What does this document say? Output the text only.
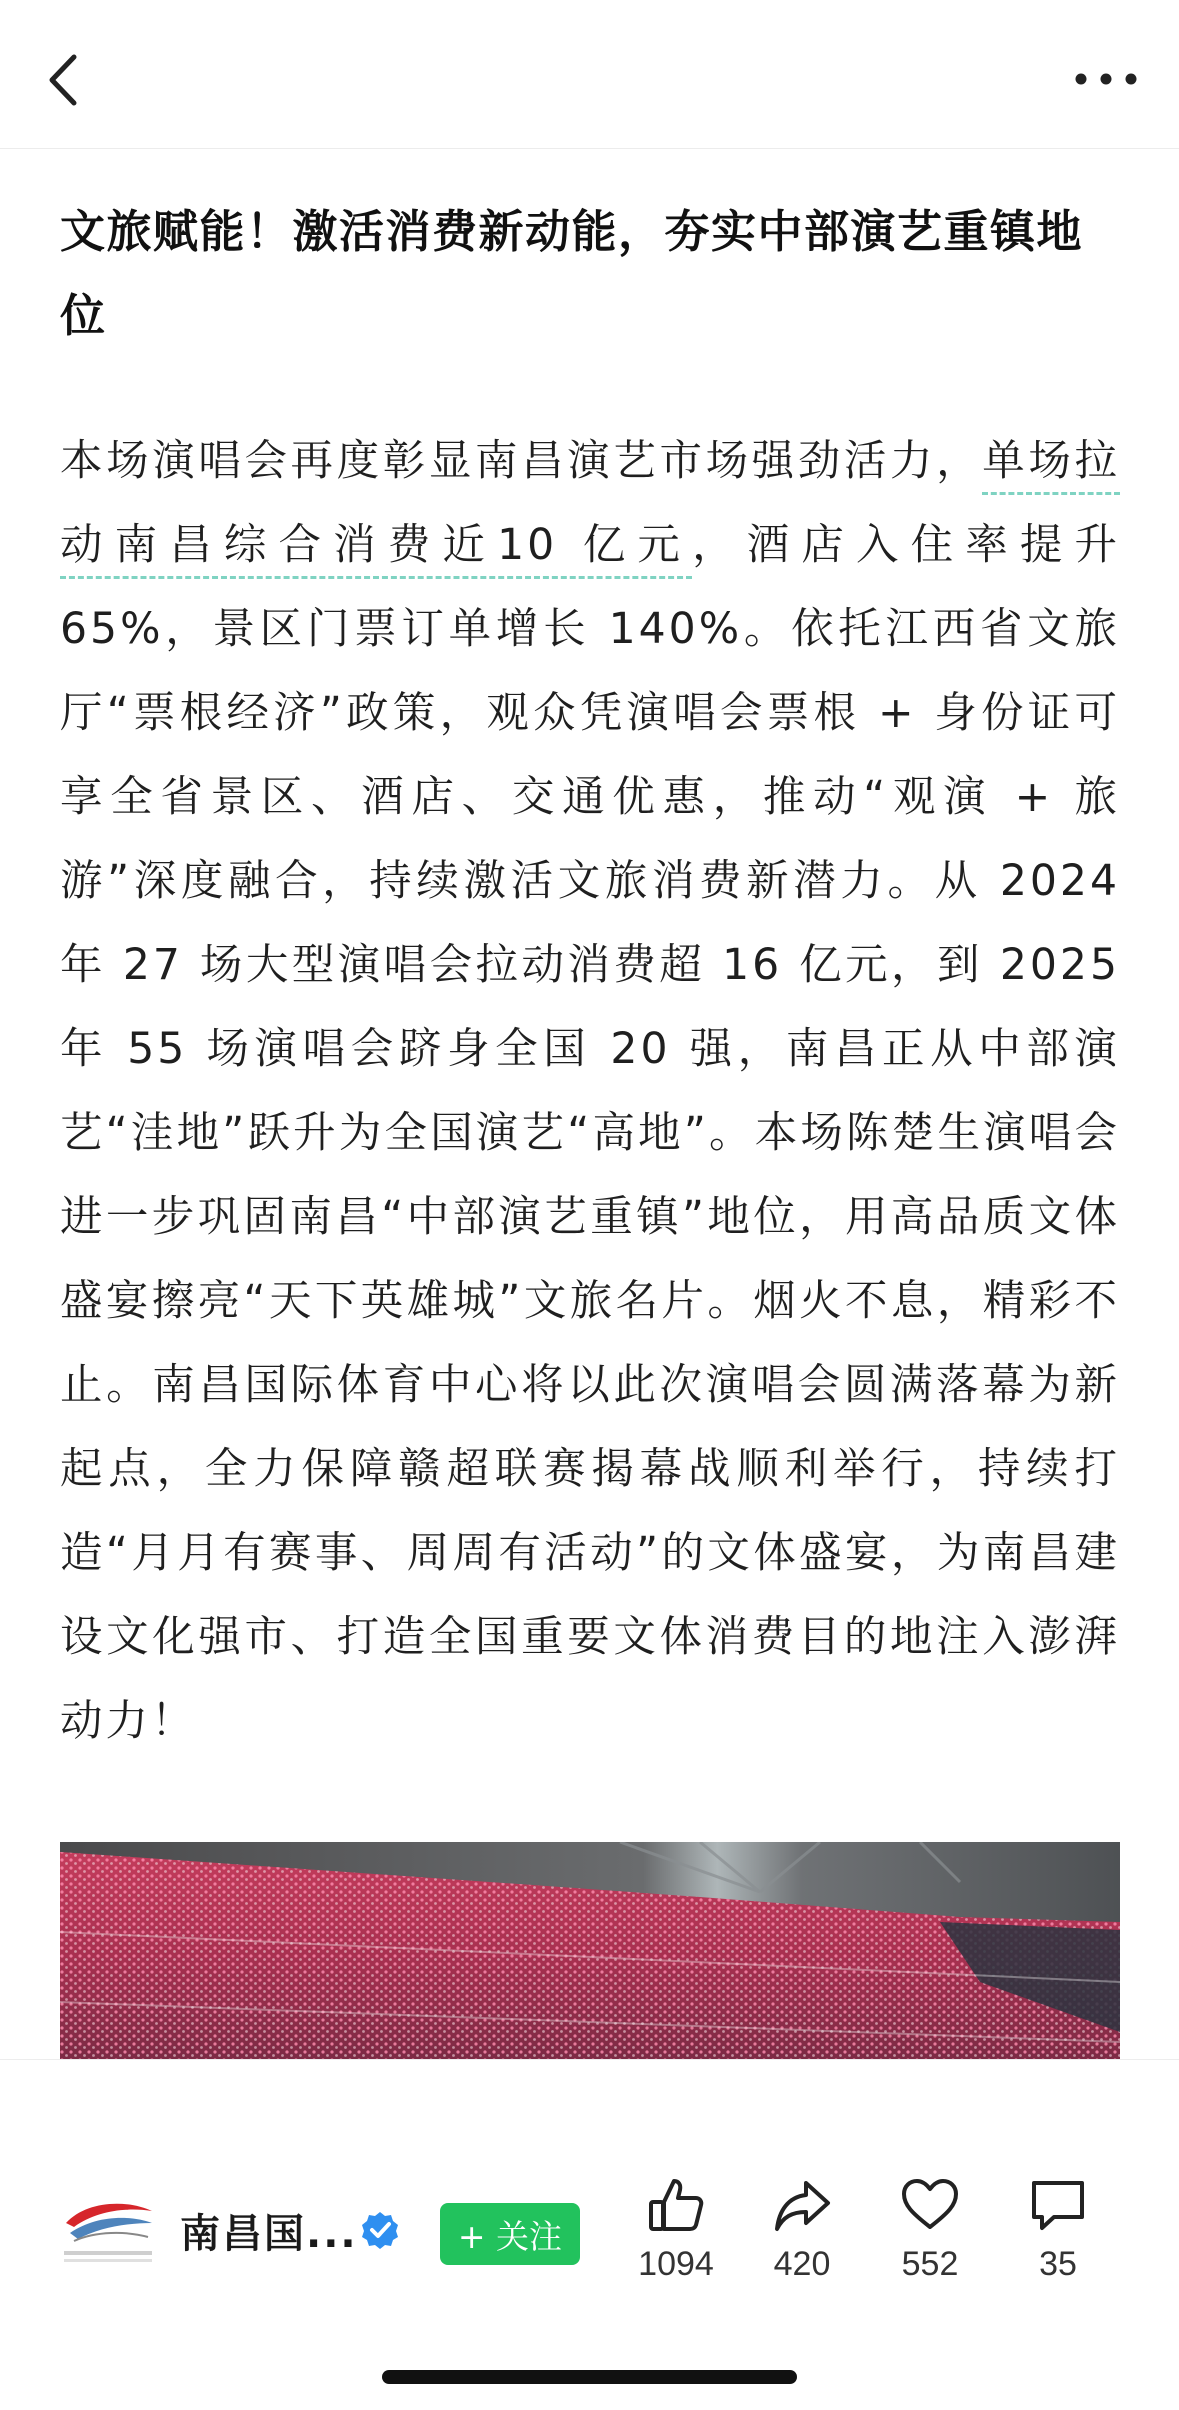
文旅赋能！激活消费新动能，夯实中部演艺重镇地位

本场演唱会再度彰显南昌演艺市场强劲活力，单场拉动南昌综合消费近10 亿元，酒店入住率提升 65%，景区门票订单增长 140%。依托江西省文旅厅“票根经济”政策，观众凭演唱会票根 + 身份证可享全省景区、酒店、交通优惠，推动“观演 + 旅游”深度融合，持续激活文旅消费新潜力。从 2024 年 27 场大型演唱会拉动消费超 16 亿元，到 2025 年 55 场演唱会跻身全国 20 强，南昌正从中部演艺“洼地”跃升为全国演艺“高地”。本场陈楚生演唱会进一步巩固南昌“中部演艺重镇”地位，用高品质文体盛宴擦亮“天下英雄城”文旅名片。烟火不息，精彩不止。南昌国际体育中心将以此次演唱会圆满落幕为新起点，全力保障赣超联赛揭幕战顺利举行，持续打造“月月有赛事、周周有活动”的文体盛宴，为南昌建设文化强市、打造全国重要文体消费目的地注入澎湃动力！

南昌国...	+ 关注
1094	420	552	35
